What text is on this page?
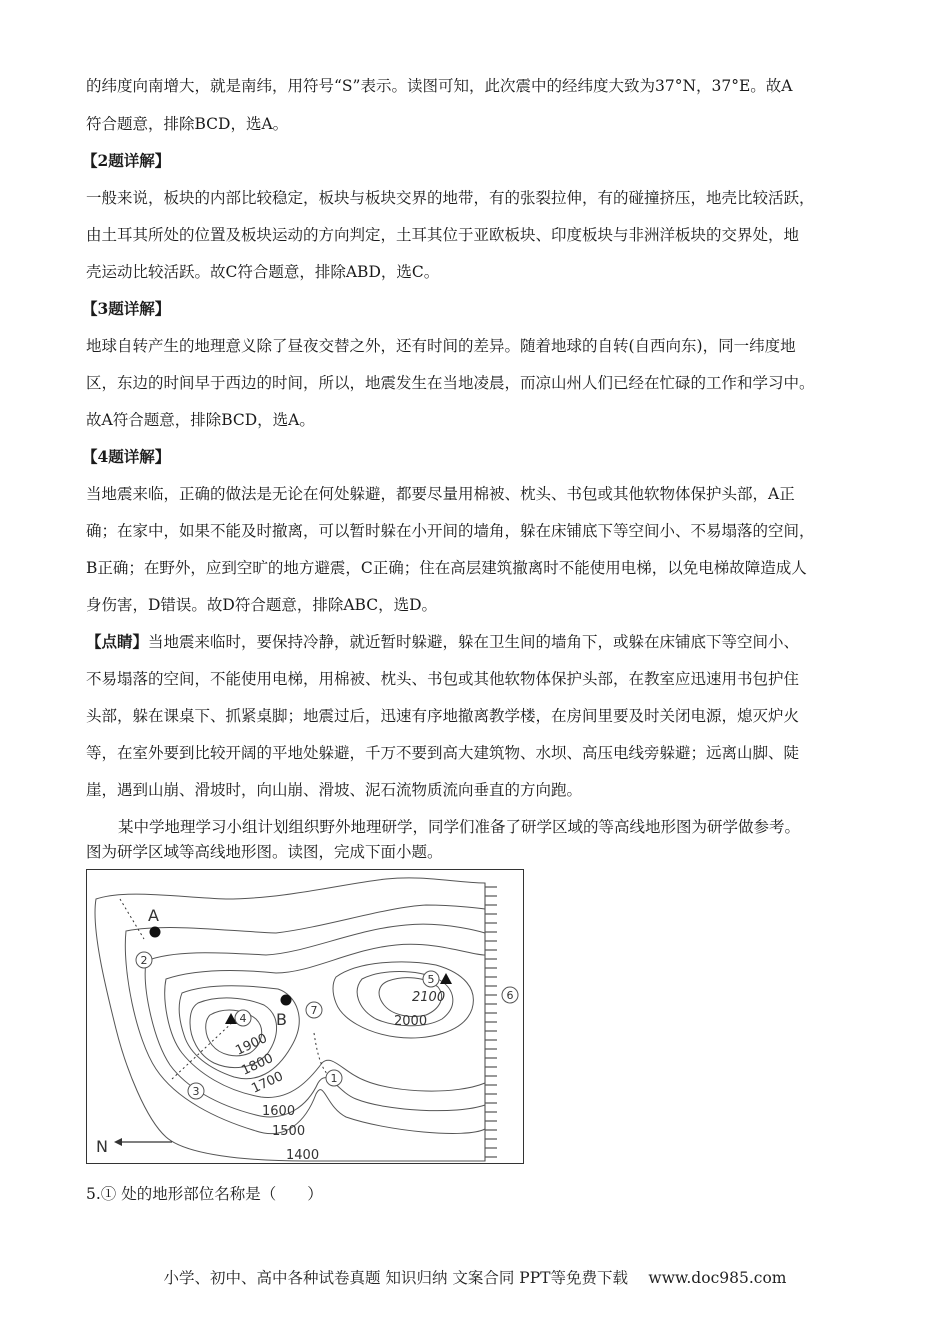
的纬度向南增大，就是南纬，用符号“S”表示。读图可知，此次震中的经纬度大致为37°N，37°E。故A
符合题意，排除BCD，选A。
【2题详解】
一般来说，板块的内部比较稳定，板块与板块交界的地带，有的张裂拉伸，有的碰撞挤压，地壳比较活跃，
由土耳其所处的位置及板块运动的方向判定，土耳其位于亚欧板块、印度板块与非洲洋板块的交界处，地
壳运动比较活跃。故C符合题意，排除ABD，选C。
【3题详解】
地球自转产生的地理意义除了昼夜交替之外，还有时间的差异。随着地球的自转(自西向东)，同一纬度地
区，东边的时间早于西边的时间，所以，地震发生在当地凌晨，而凉山州人们已经在忙碌的工作和学习中。
故A符合题意，排除BCD，选A。
【4题详解】
当地震来临，正确的做法是无论在何处躲避，都要尽量用棉被、枕头、书包或其他软物体保护头部，A正
确；在家中，如果不能及时撤离，可以暂时躲在小开间的墙角，躲在床铺底下等空间小、不易塌落的空间，
B正确；在野外，应到空旷的地方避震，C正确；住在高层建筑撤离时不能使用电梯，以免电梯故障造成人
身伤害，D错误。故D符合题意，排除ABC，选D。
【点睛】当地震来临时，要保持冷静，就近暂时躲避，躲在卫生间的墙角下，或躲在床铺底下等空间小、
不易塌落的空间，不能使用电梯，用棉被、枕头、书包或其他软物体保护头部，在教室应迅速用书包护住
头部，躲在课桌下、抓紧桌脚；地震过后，迅速有序地撤离教学楼，在房间里要及时关闭电源，熄灭炉火
等，在室外要到比较开阔的平地处躲避，千万不要到高大建筑物、水坝、高压电线旁躲避；远离山脚、陡
崖，遇到山崩、滑坡时，向山崩、滑坡、泥石流物质流向垂直的方向跑。
某中学地理学习小组计划组织野外地理研学，同学们准备了研学区域的等高线地形图为研学做参考。
图为研学区域等高线地形图。读图，完成下面小题。
2
3
4
5
6
7
1
A
B
1900
1800
1700
1600
1500
1400
2000
2100
N
5.① 处的地形部位名称是（　　）
小学、初中、高中各种试卷真题 知识归纳 文案合同 PPT等免费下载　 www.doc985.com
